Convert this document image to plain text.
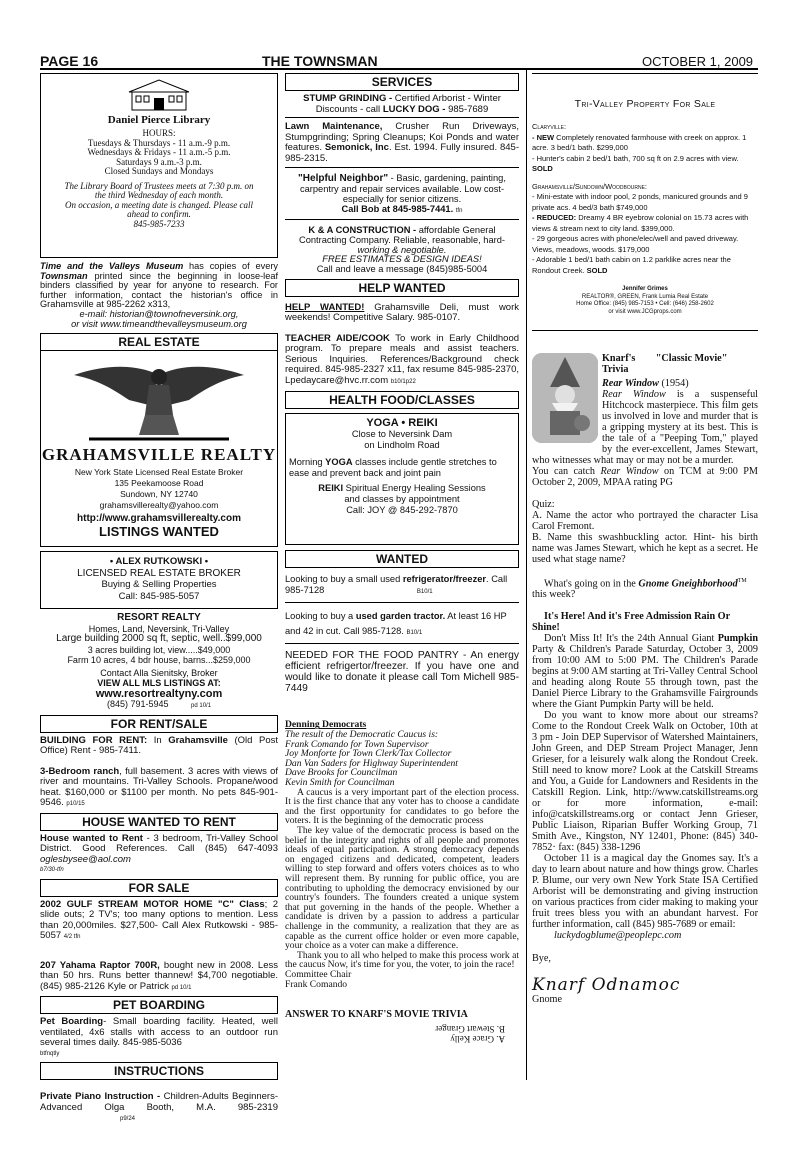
PAGE 16	THE TOWNSMAN	OCTOBER 1, 2009
Daniel Pierce Library
HOURS:
Tuesdays & Thursdays - 11 a.m.-9 p.m.
Wednesdays & Fridays - 11 a.m.-5 p.m.
Saturdays 9 a.m.-3 p.m.
Closed Sundays and Mondays
The Library Board of Trustees meets at 7:30 p.m. on the third Wednesday of each month.
On occasion, a meeting date is changed. Please call ahead to confirm.
845-985-7233
Time and the Valleys Museum has copies of every Townsman printed since the beginning in loose-leaf binders classified by year for anyone to research. For further information, contact the historian's office in Grahamsville at 985-2262 x313,
e-mail: historian@townofneversink.org,
or visit www.timeandthevalleysmuseum.org
REAL ESTATE
GRAHAMSVILLE REALTY
New York State Licensed Real Estate Broker
135 Peekamoose Road
Sundown, NY 12740
grahamsvillerealty@yahoo.com
http://www.grahamsvillerealty.com
LISTINGS WANTED
• ALEX RUTKOWSKI •
LICENSED REAL ESTATE BROKER
Buying & Selling Properties
Call: 845-985-5057
RESORT REALTY
Homes, Land, Neversink, Tri-Valley
Large building 2000 sq ft, septic, well..$99,000
3 acres building lot, view.....$49,000
Farm 10 acres, 4 bdr house, barns...$259,000
Contact Alla Sienitsky, Broker
VIEW ALL MLS LISTINGS AT:
www.resortrealtyny.com
(845) 791-5945	pd 10/1
FOR RENT/SALE
BUILDING FOR RENT: In Grahamsville (Old Post Office) Rent - 985-7411.
3-Bedroom ranch, full basement. 3 acres with views of river and mountains. Tri-Valley Schools. Propane/wood heat. $160,000 or $1100 per month. No pets 845-901-9546. p10/15
HOUSE WANTED TO RENT
House wanted to Rent - 3 bedroom, Tri-Valley School District. Good References. Call (845) 647-4093 oglesbysee@aol.com
b7/30-tfn
FOR SALE
2002 GULF STREAM MOTOR HOME "C" Class; 2 slide outs; 2 TV's; too many options to mention. Less than 20,000miles. $27,500- Call Alex Rutkowski - 985-5057 4/2 tfn
207 Yahama Raptor 700R, bought new in 2008. Less than 50 hrs. Runs better thannew! $4,700 negotiable. (845) 985-2126 Kyle or Patrick pd 10/1
PET BOARDING
Pet Boarding- Small boarding facility. Heated, well ventilated, 4x6 stalls with access to an outdoor run several times daily. 845-985-5036
btfnqtly
INSTRUCTIONS
Private Piano Instruction - Children-Adults Beginners- Advanced Olga Booth, M.A. 985-2319 p9/24
SERVICES
STUMP GRINDING - Certified Arborist - Winter Discounts - call LUCKY DOG - 985-7689
Lawn Maintenance, Crusher Run Driveways, Stumpgrinding; Spring Cleanups; Koi Ponds and water features. Semonick, Inc. Est. 1994. Fully insured. 845-985-2315.
"Helpful Neighbor" - Basic, gardening, painting, carpentry and repair services available. Low cost- especially for senior citizens.
Call Bob at 845-985-7441. tfn
K & A CONSTRUCTION - affordable General Contracting Company. Reliable, reasonable, hard-
working & negotiable.
FREE ESTIMATES & DESIGN IDEAS!
Call and leave a message (845)985-5004
HELP WANTED
HELP WANTED! Grahamsville Deli, must work weekends! Competitive Salary. 985-0107.
TEACHER AIDE/COOK To work in Early Childhood program. To prepare meals and assist teachers. Serious Inquiries. References/Background check required. 845-985-2327 x11, fax resume 845-985-2370, Lpedaycare@hvc.rr.com b10/1p22
HEALTH FOOD/CLASSES
YOGA • REIKI
Close to Neversink Dam
on Lindholm Road
Morning YOGA classes include gentle stretches to ease and prevent back and joint pain
REIKI Spiritual Energy Healing Sessions
and classes by appointment
Call: JOY @ 845-292-7870
WANTED
Looking to buy a small used refrigerator/freezer. Call 985-7128	B10/1
Looking to buy a used garden tractor. At least 16 HP and 42 in cut. Call 985-7128. B10/1
NEEDED FOR THE FOOD PANTRY - An energy efficient refrigertor/freezer. If you have one and would like to donate it please call Tom Michell 985-7449
Denning Democrats
The result of the Democratic Caucus is:
Frank Comando for Town Supervisor
Joy Monforte for Town Clerk/Tax Collector
Dan Van Saders for Highway Superintendent
Dave Brooks for Councilman
Kevin Smith for Councilman
A caucus is a very important part of the election process. It is the first chance that any voter has to choose a candidate and the first opportunity for candidates to go before the voters. It is the beginning of the democratic process
The key value of the democratic process is based on the belief in the integrity and rights of all people and promotes ideals of equal participation. A strong democracy depends on engaged citizens and dedicated, competent, leaders willing to step forward and offers voters choices as to who will represent them. By running for public office, you are contributing to upholding the democracy envisioned by our country's founders. The founders created a unique system that put governing in the hands of the people. Whether a candidate is driven by a passion to address a particular challenge in the community, a realization that they are as capable as the current office holder or even more capable, your choice as a voter can make a difference.
Thank you to all who helped to make this process work at the caucus Now, it's time for you, the voter, to join the race!
Committee Chair
Frank Comando
ANSWER TO KNARF'S MOVIE TRIVIA
A. Grace Kelly
B. Stewart Granger
Tri-Valley Property For Sale
Claryville:
- NEW Completely renovated farmhouse with creek on approx. 1 acre. 3 bed/1 bath. $299,000
- Hunter's cabin 2 bed/1 bath, 700 sq ft on 2.9 acres with view. SOLD
Grahamsville/Sundown/Woodbourne:
- Mini-estate with indoor pool, 2 ponds, manicured grounds and 9 private acs. 4 bed/3 bath $749,000
- REDUCED: Dreamy 4 BR eyebrow colonial on 15.73 acres with views & stream next to city land. $399,000.
- 29 gorgeous acres with phone/elec/well and paved driveway. Views, meadows, woods. $179,000
- Adorable 1 bed/1 bath cabin on 1.2 parklike acres near the Rondout Creek. SOLD
Jennifer Grimes
REALTOR®, GREEN, Frank Lumia Real Estate
Home Office: (845) 985-7153 • Cell: (646) 258-2602
or visit www.JCGprops.com
Knarf's "Classic Movie"
Trivia
Rear Window (1954)
Rear Window is a suspenseful Hitchcock masterpiece. This film gets us involved in love and murder that is a gripping mystery at its best. This is the tale of a "Peeping Tom," played by the ever-excellent, James Stewart, who witnesses what may or may not be a murder.
You can catch Rear Window on TCM at 9:00 PM October 2, 2009, MPAA rating PG
Quiz:
A. Name the actor who portrayed the character Lisa Carol Fremont.
B. Name this swashbuckling actor. Hint- his birth name was James Stewart, which he kept as a secret. He used what stage name?
What's going on in the Gnome Gneighborhood™ this week?
It's Here! And it's Free Admission Rain Or Shine!
Don't Miss It! It's the 24th Annual Giant Pumpkin Party & Children's Parade Saturday, October 3, 2009 from 10:00 AM to 5:00 PM. The Children's Parade begins at 9:00 AM starting at Tri-Valley Central School and heading along Route 55 through town, past the Daniel Pierce Library to the Grahamsville Fairgrounds where the Giant Pumpkin Party will be held.
Do you want to know more about our streams? Come to the Rondout Creek Walk on October, 10th at 3 pm - Join DEP Supervisor of Watershed Maintainers, John Green, and DEP Stream Project Manager, Jenn Grieser, for a leisurely walk along the Rondout Creek. Still need to know more? Look at the Catskill Streams and You, a Guide for Landowners and Residents in the Catskill Region. Link, http://www.catskillstreams.org or for more information, e-mail: info@catskillstreams.org or contact Jenn Grieser, Public Liaison, Riparian Buffer Working Group, 71 Smith Ave., Kingston, NY 12401, Phone: (845) 340-7852· fax: (845) 338-1296
October 11 is a magical day the Gnomes say. It's a day to learn about nature and how things grow. Charles P. Blume, our very own New York State ISA Certified Arborist will be demonstrating and giving instruction on various practices from cider making to making your fruit trees bless you with an abundant harvest. For further information, call (845) 985-7689 or email:
luckydogblume@peoplepc.com
Bye,
Knarf Odnamoc
Gnome
